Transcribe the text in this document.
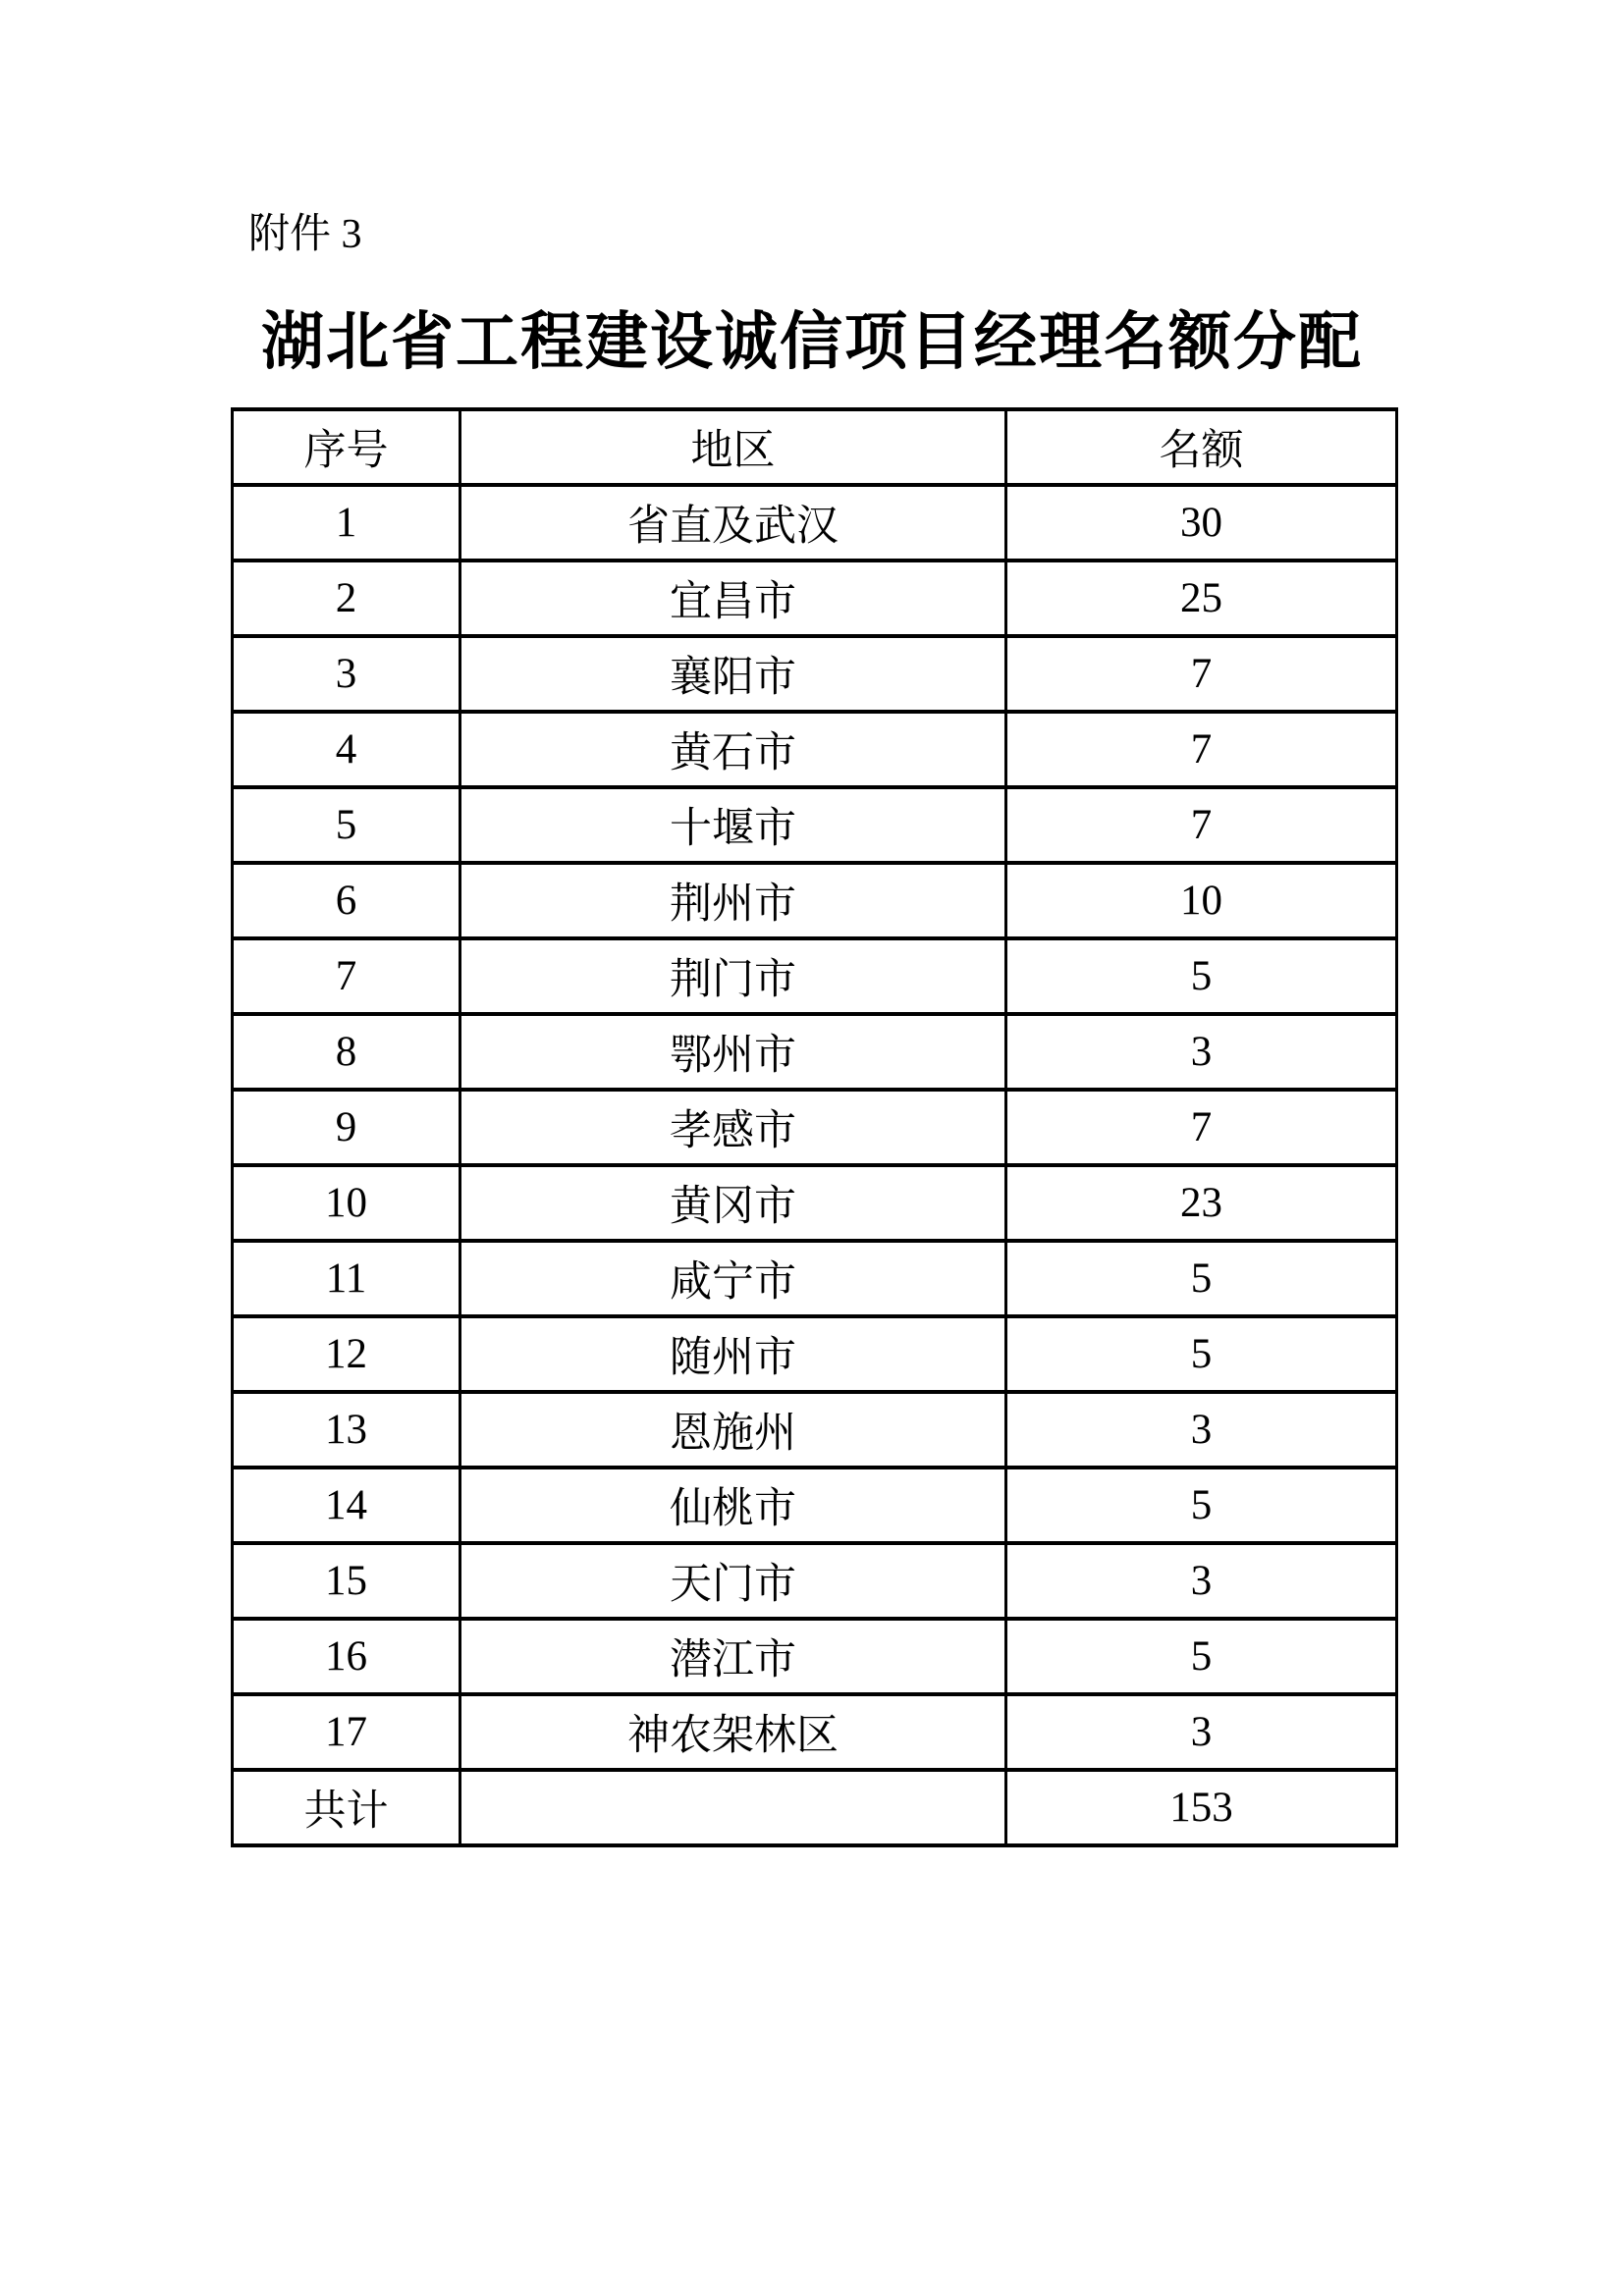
附件 3
湖北省工程建设诚信项目经理名额分配
序号	地区	名额
1	省直及武汉	30
2	宜昌市	25
3	襄阳市	7
4	黄石市	7
5	十堰市	7
6	荆州市	10
7	荆门市	5
8	鄂州市	3
9	孝感市	7
10	黄冈市	23
11	咸宁市	5
12	随州市	5
13	恩施州	3
14	仙桃市	5
15	天门市	3
16	潜江市	5
17	神农架林区	3
共计		153
